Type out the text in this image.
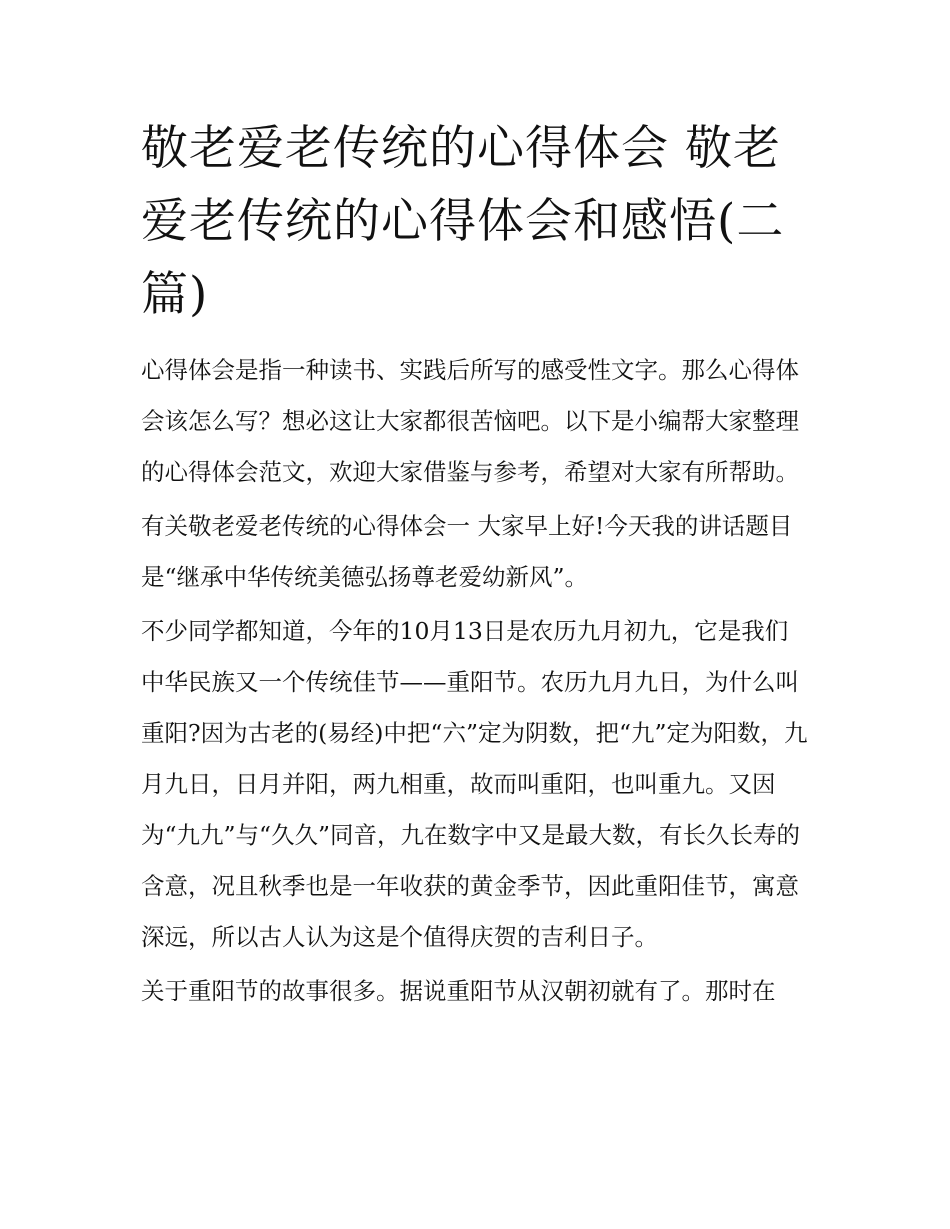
敬老爱老传统的心得体会 敬老爱老传统的心得体会和感悟(二篇)

心得体会是指一种读书、实践后所写的感受性文字。那么心得体会该怎么写？想必这让大家都很苦恼吧。以下是小编帮大家整理的心得体会范文，欢迎大家借鉴与参考，希望对大家有所帮助。

有关敬老爱老传统的心得体会一 大家早上好!今天我的讲话题目是“继承中华传统美德弘扬尊老爱幼新风”。

不少同学都知道，今年的10月13日是农历九月初九，它是我们中华民族又一个传统佳节——重阳节。农历九月九日，为什么叫重阳?因为古老的(易经)中把“六”定为阴数，把“九”定为阳数，九月九日，日月并阳，两九相重，故而叫重阳，也叫重九。又因为“九九”与“久久”同音，九在数字中又是最大数，有长久长寿的含意，况且秋季也是一年收获的黄金季节，因此重阳佳节，寓意深远，所以古人认为这是个值得庆贺的吉利日子。

关于重阳节的故事很多。据说重阳节从汉朝初就有了。那时在
